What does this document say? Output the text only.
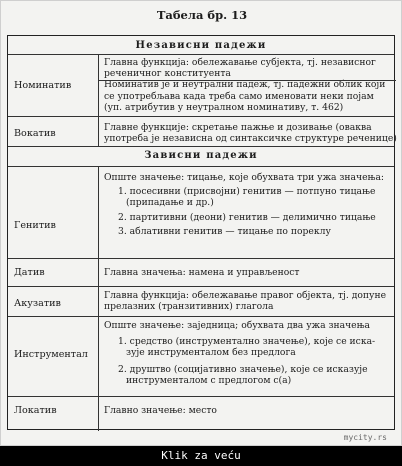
Табела бр. 13
Независни падежи
Номинатив
Главна функција: обележавање субјекта, тј. независног
реченичног конституента
Номинатив је и неутрални падеж, тј. падежни облик који
се употребљава када треба само именовати неки појам
(уп. атрибутив у неутралном номинативу, т. 462)
Вокатив
Главне функције: скретање пажње и дозивање (оваква
употреба је независна од синтаксичке структуре реченице)
Зависни падежи
Генитив
Опште значење: тицање, које обухвата три ужа значења:
1. посесивни (присвојни) генитив — потпуно тицање
(припадање и др.)
2. партитивни (деони) генитив — делимично тицање
3. аблативни генитив — тицање по пореклу
Датив	Главна значења: намена и управљеност
Акузатив
Главна функција: обележавање правог објекта, тј. допуне
прелазних (транзитивних) глагола
Инструментал
Опште значење: заједница; обухвата два ужа значења
1. средство (инструментално значење), које се иска-
зује инструменталом без предлога
2. друштво (социјативно значење), које се исказује
инструменталом с предлогом с(а)
Локатив	Главно значење: место
mycity.rs
Klik za veću
